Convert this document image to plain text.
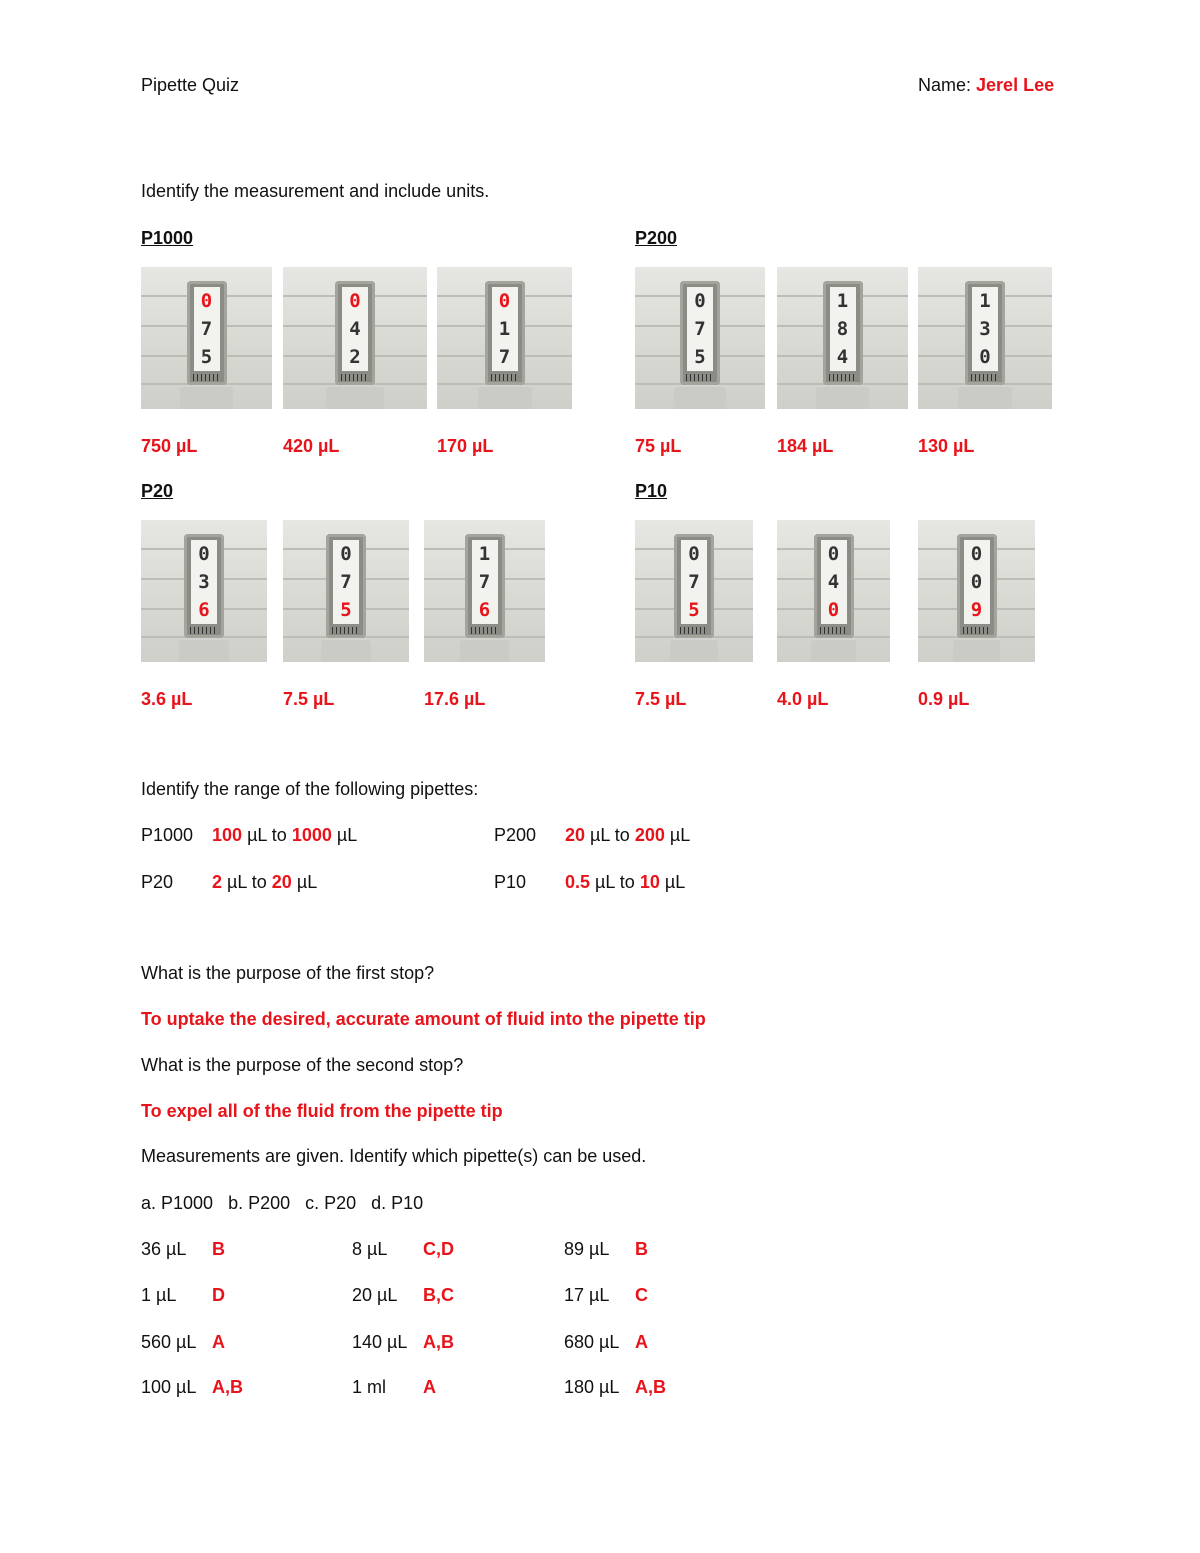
Pipette Quiz	Name: Jerel Lee
Identify the measurement and include units.
P1000	P200
P20	P10
0
7
5
0
4
2
0
1
7
0
7
5
1
8
4
1
3
0
0
3
6
0
7
5
1
7
6
0
7
5
0
4
0
0
0
9
750 µL	420 µL	170 µL	75 µL	184 µL	130 µL
3.6 µL	7.5 µL	17.6 µL	7.5 µL	4.0 µL	0.9 µL
Identify the range of the following pipettes:
P1000 100 µL to 1000 µL	P200 20 µL to 200 µL
P20 2 µL to 20 µL	P10 0.5 µL to 10 µL
What is the purpose of the first stop?
To uptake the desired, accurate amount of fluid into the pipette tip
What is the purpose of the second stop?
To expel all of the fluid from the pipette tip
Measurements are given. Identify which pipette(s) can be used.
a. P1000   b. P200   c. P20   d. P10
36 µL B	8 µL C,D	89 µL B
1 µL D	20 µL B,C	17 µL C
560 µL A	140 µL A,B	680 µL A
100 µL A,B	1 ml A	180 µL A,B
